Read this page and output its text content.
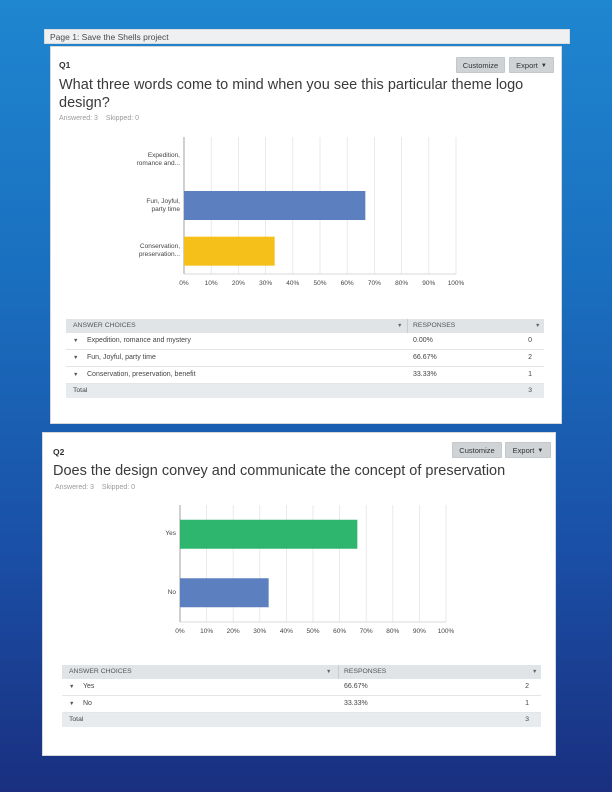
Page 1: Save the Shells project
Q1	Customize	Export ▼
What three words come to mind when you see this particular theme logo design?
Answered: 3 Skipped: 0
0% 10% 20% 30% 40% 50% 60% 70% 80% 90% 100%
Expedition,
romance and...
Fun, Joyful,
party time
Conservation,
preservation...
ANSWER CHOICES	▼ RESPONSES	▼
▼ Expedition, romance and mystery	0.00%	0
▼ Fun, Joyful, party time	66.67%	2
▼ Conservation, preservation, benefit	33.33%	1
Total	3
Q2	Customize	Export ▼
Does the design convey and communicate the concept of preservation
Answered: 3 Skipped: 0
0% 10% 20% 30% 40% 50% 60% 70% 80% 90% 100%
Yes
No
ANSWER CHOICES	▼ RESPONSES	▼
▼ Yes	66.67%	2
▼ No	33.33%	1
Total	3
